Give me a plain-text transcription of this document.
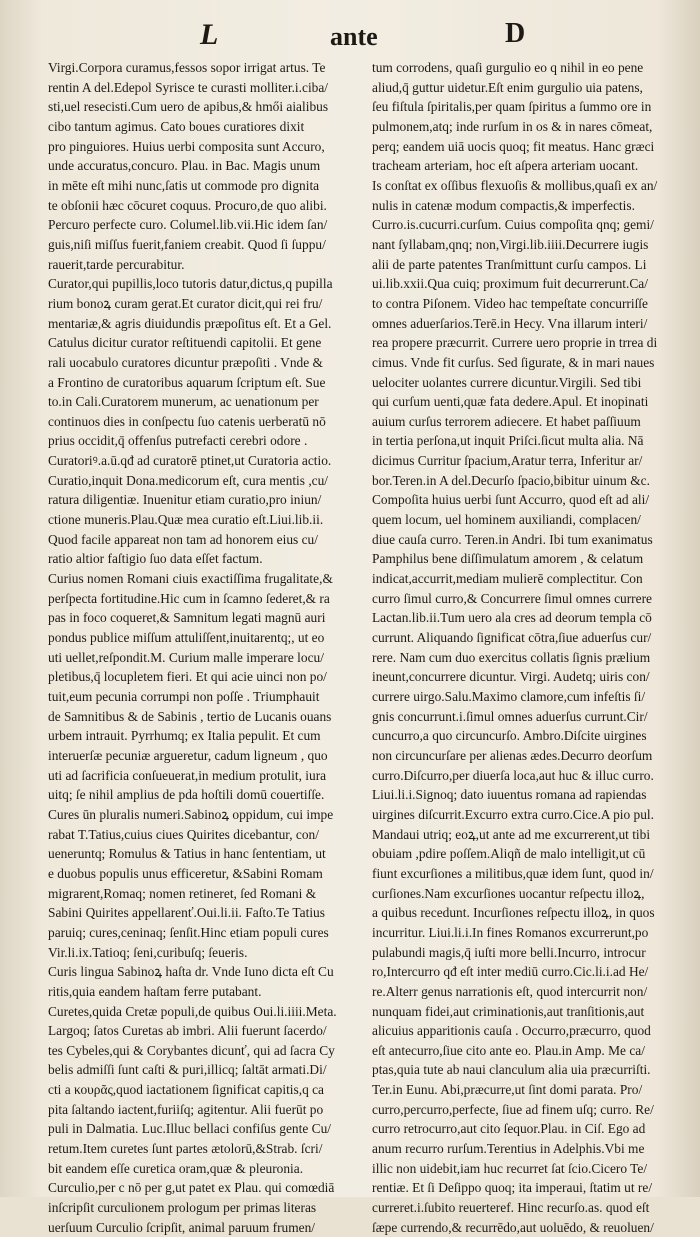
L	ante	D
Virgi.Corpora curamus,fessos sopor irrigat artus. Te
rentin A del.Edepol Syrisce te curasti molliter.i.ciba/
sti,uel resecisti.Cum uero de apibus,& hmői aialibus
cibo tantum agimus. Cato boues curatiores dixit
pro pinguiores. Huius uerbi composita sunt Accuro,
unde accuratus,concuro. Plau. in Bac. Magis unum
in mēte eſt mihi nunc,ſatis ut commode pro dignita
te obſonii hæc cōcuret coquus. Procuro,de quo alibi.
Percuro perfecte curo. Columel.lib.vii.Hic idem ſan/
guis,niſi miſſus fuerit,faniem creabit. Quod ſi ſuppu/
rauerit,tarde percurabitur.
Curator,qui pupillis,loco tutoris datur,dictus,q pupilla
rium bonoꝝ curam gerat.Et curator dicit,qui rei fru/
mentariæ,& agris diuidundis præpoſitus eſt. Et a Gel.
Catulus dicitur curator reſtituendi capitolii. Et gene
rali uocabulo curatores dicuntur præpoſiti . Vnde &
a Frontino de curatoribus aquarum ſcriptum eſt. Sue
to.in Cali.Curatorem munerum, ac uenationum per
continuos dies in conſpectu ſuo catenis uerberatū nō
prius occidit,q̄ offenſus putrefacti cerebri odore .
Curatoriꝰ.a.ū.qđ ad curatorē ptinet,ut Curatoria actio.
Curatio,inquit Dona.medicorum eſt, cura mentis ,cu/
ratura diligentiæ. Inuenitur etiam curatio,pro iniun/
ctione muneris.Plau.Quæ mea curatio eſt.Liui.lib.ii.
Quod facile appareat non tam ad honorem eius cu/
ratio altior faſtigio ſuo data eſſet factum.
Curius nomen Romani ciuis exactiſſima frugalitate,&
perſpecta fortitudine.Hic cum in ſcamno ſederet,& ra
pas in foco coqueret,& Samnitum legati magnū auri
pondus publice miſſum attuliſſent,inuitarentq;, ut eo
uti uellet,reſpondit.M. Curium malle imperare locu/
pletibus,q̄ locupletem fieri. Et qui acie uinci non po/
tuit,eum pecunia corrumpi non poſſe . Triumphauit
de Samnitibus & de Sabinis , tertio de Lucanis ouans
urbem intrauit. Pyrrhumq; ex Italia pepulit. Et cum
interuerſæ pecuniæ argueretur, cadum ligneum , quo
uti ad ſacrificia conſueuerat,in medium protulit, iura
uitq; ſe nihil amplius de pda hoſtili domū couertiſſe.
Cures ūn pluralis numeri.Sabinoꝝ oppidum, cui impe
rabat T.Tatius,cuius ciues Quirites dicebantur, con/
ueneruntq; Romulus & Tatius in hanc ſententiam, ut
e duobus populis unus efficeretur, &Sabini Romam
migrarent,Romaq; nomen retineret, ſed Romani &
Sabini Quirites appellarenť.Oui.li.ii. Faſto.Te Tatius
paruiq; cures,ceninaq; ſenſit.Hinc etiam populi cures
Vir.li.ix.Tatioq; ſeni,curibuſq; ſeueris.
Curis lingua Sabinoꝝ haſta dr. Vnde Iuno dicta eſt Cu
ritis,quia eandem haſtam ferre putabant.
Curetes,quida Cretæ populi,de quibus Oui.li.iiii.Meta.
Largoq; ſatos Curetas ab imbri. Alii fuerunt ſacerdo/
tes Cybeles,qui & Corybantes dicunť, qui ad ſacra Cy
belis admiſſi ſunt caſti & puri,illicq; ſaltāt armati.Di/
cti a κουρᾶς,quod iactationem ſignificat capitis,q ca
pita ſaltando iactent,furiiſq; agitentur. Alii fuerūt po
puli in Dalmatia. Luc.Illuc bellaci confiſus gente Cu/
retum.Item curetes ſunt partes ætolorū,&Strab. ſcri/
bit eandem eſſe curetica oram,quæ & pleuronia.
Curculio,per c nō per g,ut patet ex Plau. qui comœdiā
inſcripſit curculionem prologum per primas literas
uerſuum Curculio ſcripſit, animal paruum frumen/
tum corrodens, quaſi gurgulio eo q nihil in eo pene
aliud,q̄ guttur uidetur.Eſt enim gurgulio uia patens,
ſeu fiſtula ſpiritalis,per quam ſpiritus a ſummo ore in
pulmonem,atq; inde rurſum in os & in nares cōmeat,
perq; eandem uiā uocis quoq; fit meatus. Hanc græci
tracheam arteriam, hoc eſt aſpera arteriam uocant.
Is conſtat ex oſſibus flexuoſis & mollibus,quaſi ex an/
nulis in catenæ modum compactis,& imperfectis.
Curro.is.cucurri.curſum. Cuius compoſita qnq; gemi/
nant ſyllabam,qnq; non,Virgi.lib.iiii.Decurrere iugis
alii de parte patentes Tranſmittunt curſu campos. Li
ui.lib.xxii.Qua cuiq; proximum fuit decurrerunt.Ca/
to contra Piſonem. Video hac tempeſtate concurriſſe
omnes aduerſarios.Terē.in Hecy. Vna illarum interi/
rea propere præcurrit. Currere uero proprie in trrea di
cimus. Vnde fit curſus. Sed ſigurate, & in mari naues
uelociter uolantes currere dicuntur.Virgili. Sed tibi
qui curſum uenti,quæ fata dedere.Apul. Et inopinati
auium curſus terrorem adiecere. Et habet paſſiuum
in tertia perſona,ut inquit Priſci.ſicut multa alia. Nā
dicimus Curritur ſpacium,Aratur terra, Inferitur ar/
bor.Teren.in A del.Decurſo ſpacio,bibitur uinum &c.
Compoſita huius uerbi ſunt Accurro, quod eſt ad ali/
quem locum, uel hominem auxiliandi, complacen/
diue cauſa curro. Teren.in Andri. Ibi tum exanimatus
Pamphilus bene diſſimulatum amorem , & celatum
indicat,accurrit,mediam mulierē complectitur. Con
curro ſimul curro,& Concurrere ſimul omnes currere
Lactan.lib.ii.Tum uero ala cres ad deorum templa cō
currunt. Aliquando ſignificat cōtra,ſiue aduerſus cur/
rere. Nam cum duo exercitus collatis ſignis prælium
ineunt,concurrere dicuntur. Virgi. Audetq; uiris con/
currere uirgo.Salu.Maximo clamore,cum infeſtis ſi/
gnis concurrunt.i.ſimul omnes aduerſus currunt.Cir/
cuncurro,a quo circuncurſo. Ambro.Diſcite uirgines
non circuncurſare per alienas ædes.Decurro deorſum
curro.Diſcurro,per diuerſa loca,aut huc & illuc curro.
Liui.li.i.Signoq; dato iuuentus romana ad rapiendas
uirgines diſcurrit.Excurro extra curro.Cice.A pio pul.
Mandaui utriq; eoꝝ,ut ante ad me excurrerent,ut tibi
obuiam ,pdire poſſem.Aliqñ de malo intelligit,ut cū
fiunt excurſiones a militibus,quæ idem ſunt, quod in/
curſiones.Nam excurſiones uocantur reſpectu illoꝝ,
a quibus recedunt. Incurſiones reſpectu illoꝝ, in quos
incurritur. Liui.li.i.In fines Romanos excurrerunt,po
pulabundi magis,q̄ iuſti more belli.Incurro, introcur
ro,Intercurro qđ eſt inter mediū curro.Cic.li.i.ad He/
re.Alterr genus narrationis eſt, quod intercurrit non/
nunquam fidei,aut criminationis,aut tranſitionis,aut
alicuius apparitionis cauſa . Occurro,præcurro, quod
eſt antecurro,ſiue cito ante eo. Plau.in Amp. Me ca/
ptas,quia tute ab naui clanculum alia uia præcurriſti.
Ter.in Eunu. Abi,præcurre,ut ſint domi parata. Pro/
curro,percurro,perfecte, ſiue ad finem uſq; curro. Re/
curro retrocurro,aut cito ſequor.Plau. in Ciſ. Ego ad
anum recurro rurſum.Terentius in Adelphis.Vbi me
illic non uidebit,iam huc recurret ſat ſcio.Cicero Te/
rentiæ. Et ſi Deſippo quoq; ita imperaui, ſtatim ut re/
curreret.i.ſubito reuerteref. Hinc recurſo.as. quod eſt
ſæpe currendo,& recurrēdo,aut uoluēdo, & reuoluen/
